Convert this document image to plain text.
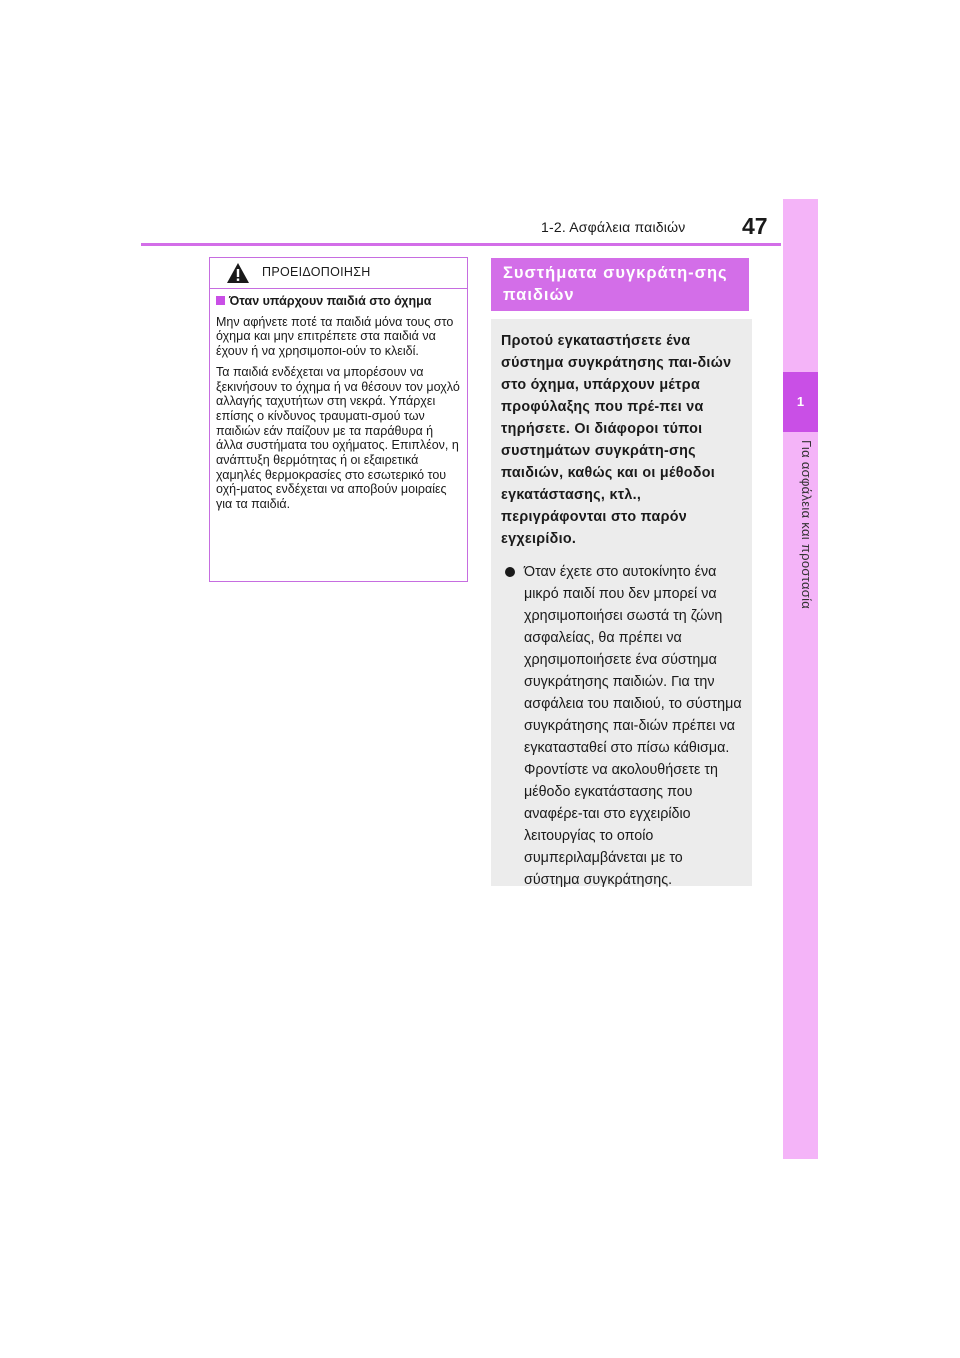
1-2. Ασφάλεια παιδιών 47
1
Για ασφάλεια και προστασία
ΠΡΟΕΙΔΟΠΟΙΗΣΗ
Όταν υπάρχουν παιδιά στο όχημα

Μην αφήνετε ποτέ τα παιδιά μόνα τους στο όχημα και μην επιτρέπετε στα παιδιά να έχουν ή να χρησιμοποι-ούν το κλειδί.

Τα παιδιά ενδέχεται να μπορέσουν να ξεκινήσουν το όχημα ή να θέσουν τον μοχλό αλλαγής ταχυτήτων στη νεκρά. Υπάρχει επίσης ο κίνδυνος τραυματι-σμού των παιδιών εάν παίζουν με τα παράθυρα ή άλλα συστήματα του οχήματος. Επιπλέον, η ανάπτυξη θερμότητας ή οι εξαιρετικά χαμηλές θερμοκρασίες στο εσωτερικό του οχή-ματος ενδέχεται να αποβούν μοιραίες για τα παιδιά.

Συστήματα συγκράτη-σης παιδιών

Προτού εγκαταστήσετε ένα σύστημα συγκράτησης παι-διών στο όχημα, υπάρχουν μέτρα προφύλαξης που πρέ-πει να τηρήσετε. Οι διάφοροι τύποι συστημάτων συγκράτη-σης παιδιών, καθώς και οι μέθοδοι εγκατάστασης, κτλ., περιγράφονται στο παρόν εγχειρίδιο.

Όταν έχετε στο αυτοκίνητο ένα μικρό παιδί που δεν μπορεί να χρησιμοποιήσει σωστά τη ζώνη ασφαλείας, θα πρέπει να χρησιμοποιήσετε ένα σύστημα συγκράτησης παιδιών. Για την ασφάλεια του παιδιού, το σύστημα συγκράτησης παι-διών πρέπει να εγκατασταθεί στο πίσω κάθισμα. Φροντίστε να ακολουθήσετε τη μέθοδο εγκατάστασης που αναφέρε-ται στο εγχειρίδιο λειτουργίας το οποίο συμπεριλαμβάνεται με το σύστημα συγκράτησης.
